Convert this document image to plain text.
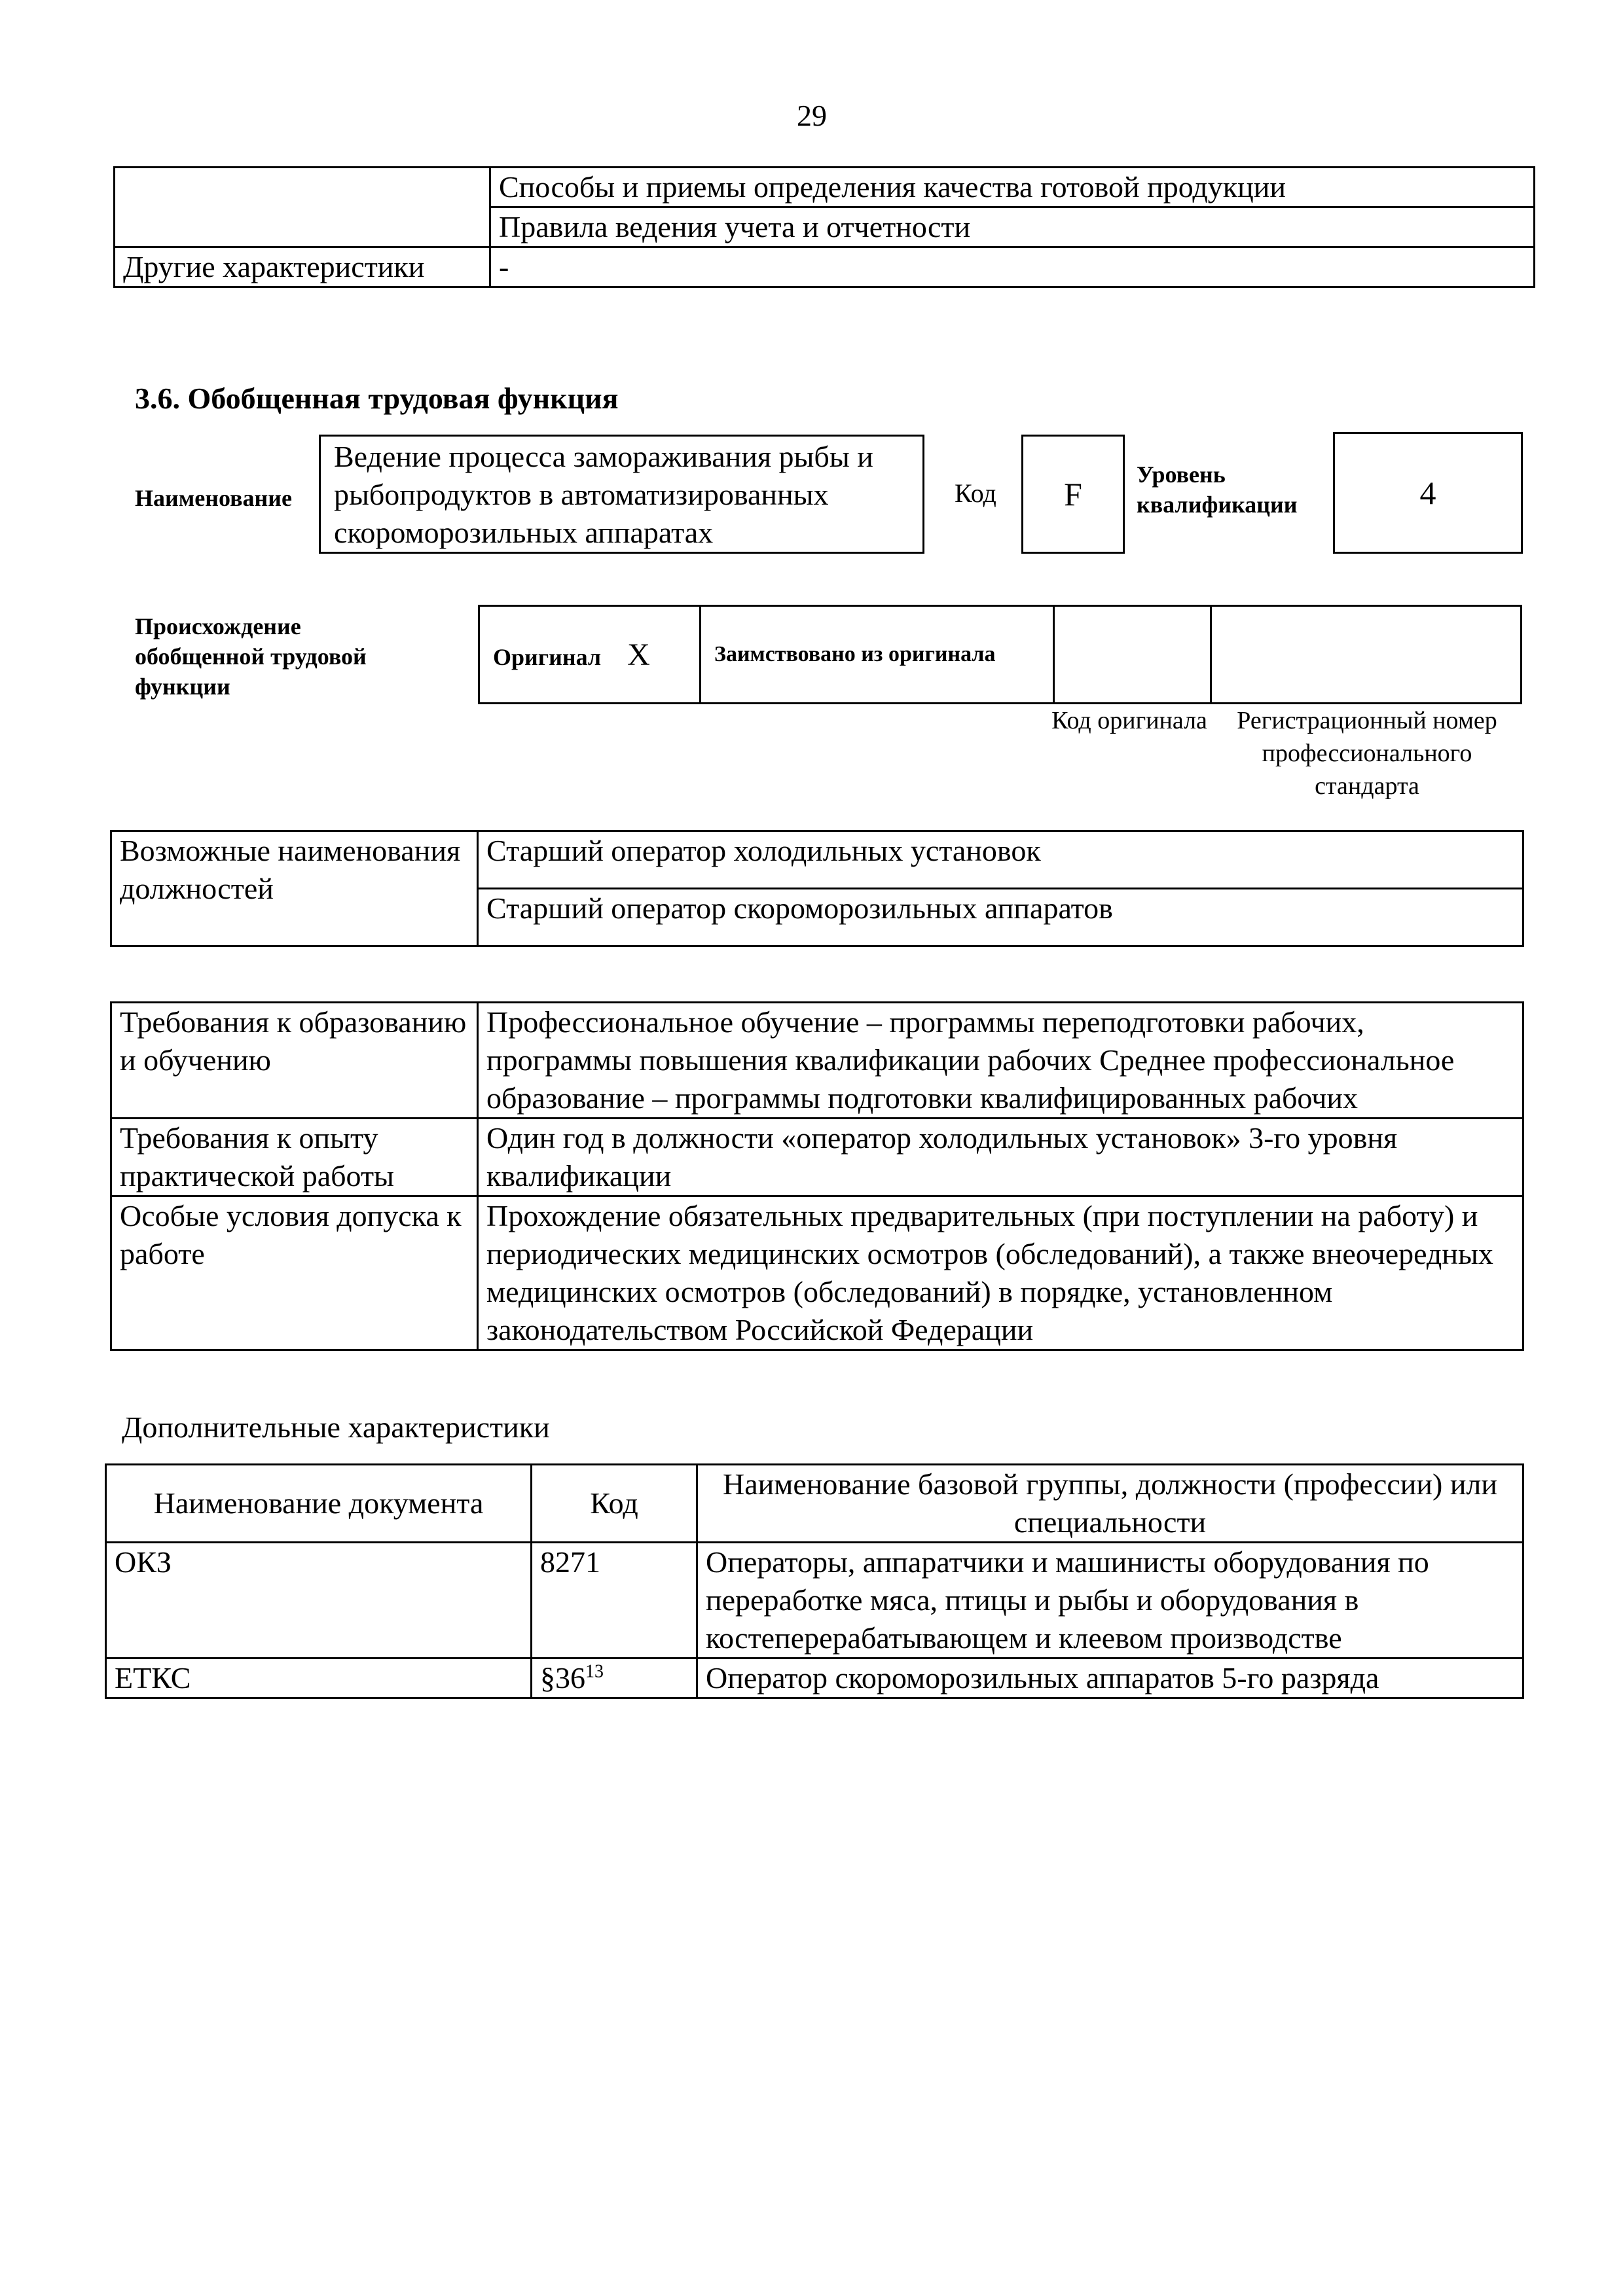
29
	Способы и приемы определения качества готовой продукции
	Правила ведения учета и отчетности
Другие характеристики	-
3.6. Обобщенная трудовая функция
Наименование
Ведение процесса замораживания рыбы и рыбопродуктов в автоматизированных скороморозильных аппаратах
Код	F
Уровень квалификации	4
Происхождение обобщенной трудовой функции
Оригинал X	Заимствовано из оригинала		
Код оригинала	Регистрационный номер профессионального стандарта
Возможные наименования должностей	Старший оператор холодильных установок
Старший оператор скороморозильных аппаратов
Требования к образованию и обучению	Профессиональное обучение – программы переподготовки рабочих, программы повышения квалификации рабочих Среднее профессиональное образование – программы подготовки квалифицированных рабочих
Требования к опыту практической работы	Один год в должности «оператор холодильных установок» 3-го уровня квалификации
Особые условия допуска к работе	Прохождение обязательных предварительных (при поступлении на работу) и периодических медицинских осмотров (обследований), а также внеочередных медицинских осмотров (обследований) в порядке, установленном законодательством Российской Федерации
Дополнительные характеристики
Наименование документа	Код	Наименование базовой группы, должности (профессии) или специальности
ОКЗ	8271	Операторы, аппаратчики и машинисты оборудования по переработке мяса, птицы и рыбы и оборудования в костеперерабатывающем и клеевом производстве
ЕТКС	$\S 36^{13}$	Оператор скороморозильных аппаратов 5-го разряда
